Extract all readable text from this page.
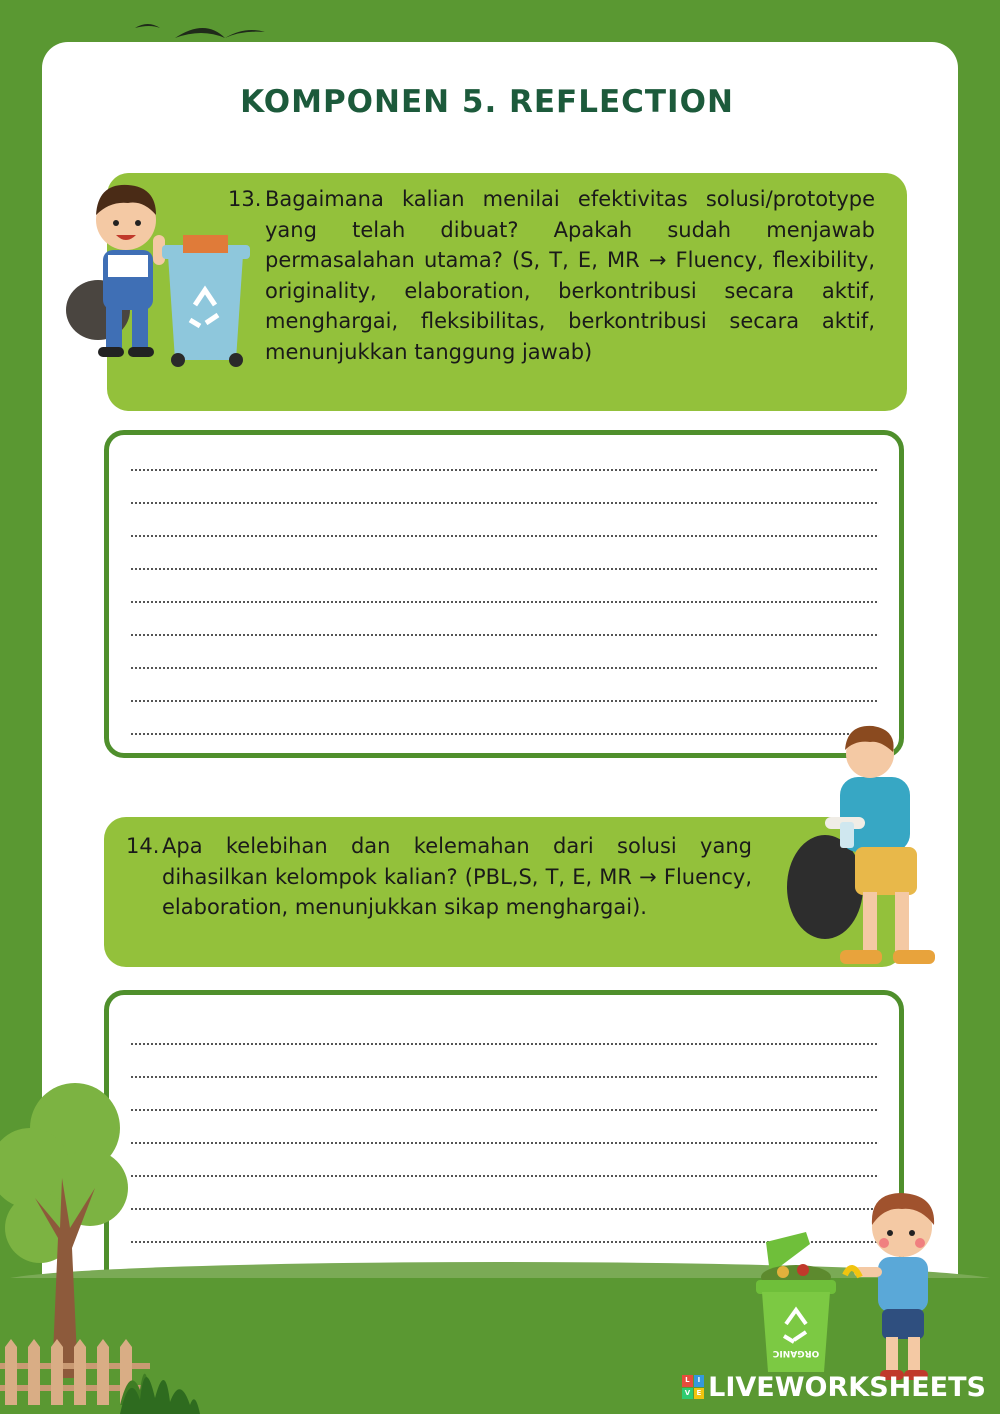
KOMPONEN 5. REFLECTION
13. Bagaimana kalian menilai efektivitas solusi/prototype yang telah dibuat? Apakah sudah menjawab permasalahan utama? (S, T, E, MR → Fluency, flexibility, originality, elaboration, berkontribusi secara aktif, menghargai, fleksibilitas, berkontribusi secara aktif, menunjukkan tanggung jawab)
14. Apa kelebihan dan kelemahan dari solusi yang dihasilkan kelompok kalian? (PBL,S, T, E, MR → Fluency, elaboration, menunjukkan sikap menghargai).
ORGANIC
L	I
V E LIVEWORKSHEETS
